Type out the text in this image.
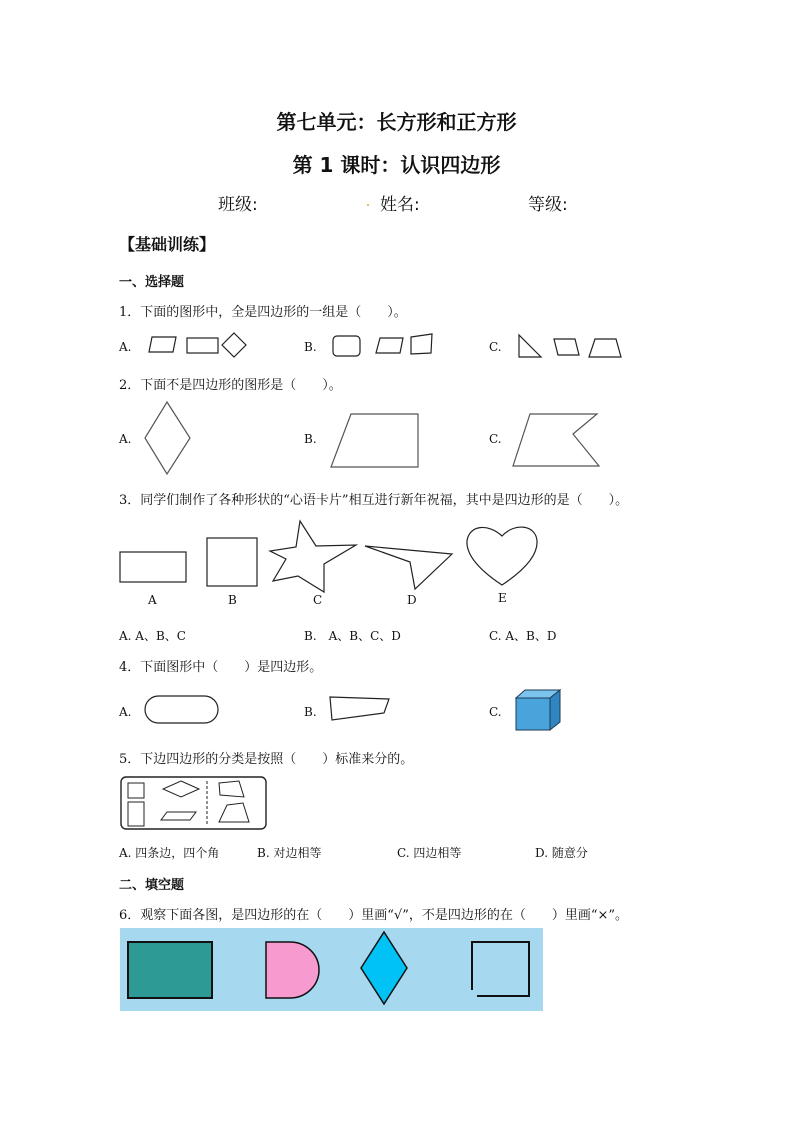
第七单元：长方形和正方形
第 1 课时：认识四边形
班级:	姓名:	等级:
【基础训练】
一、选择题
1．下面的图形中，全是四边形的一组是（　　）。
A.	B.	C.
2．下面不是四边形的图形是（　　）。
A.	B.	C.
3．同学们制作了各种形状的“心语卡片”相互进行新年祝福，其中是四边形的是（　　）。
A	B	C	D	E
A. A、B、C	B.　A、B、C、D	C. A、B、D
4．下面图形中（　　）是四边形。
A.	B.	C.
5．下边四边形的分类是按照（　　）标准来分的。
A. 四条边，四个角	B. 对边相等	C. 四边相等	D. 随意分
二、填空题
6．观察下面各图，是四边形的在（　　）里画“√”，不是四边形的在（　　）里画“×”。
